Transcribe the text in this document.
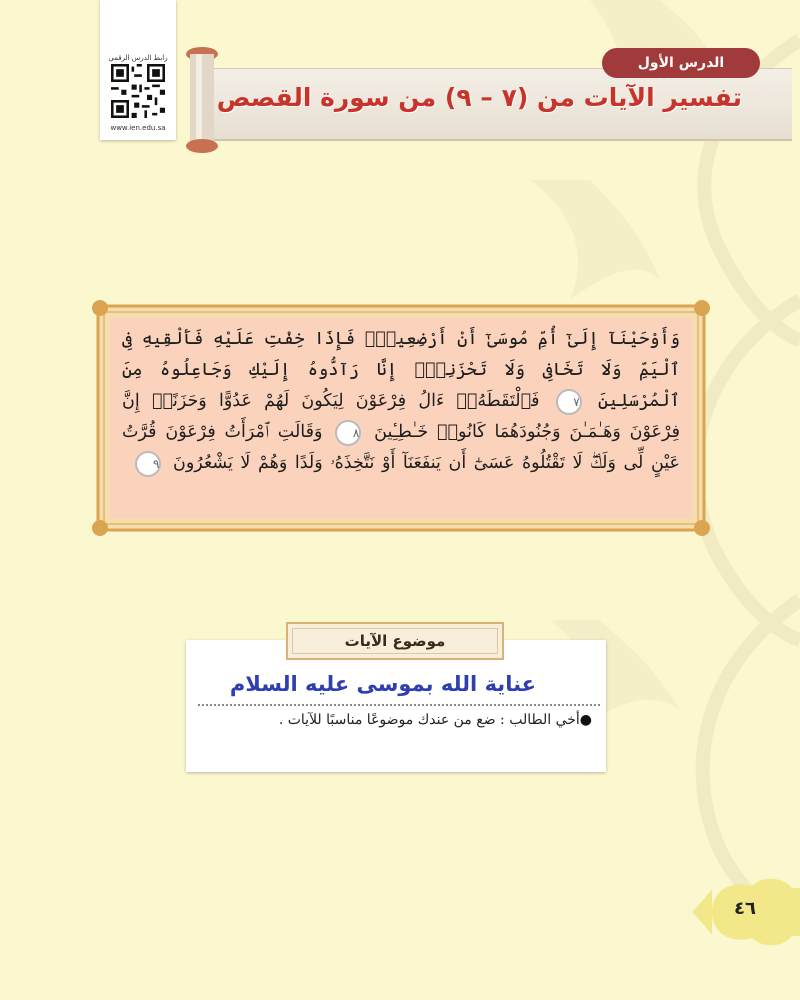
رابط الدرس الرقمي
www.ien.edu.sa
تفسير الآيات من (٧ – ٩) من سورة القصص
الدرس الأول
وَأَوْحَيْنَآ إِلَىٰٓ أُمِّ مُوسَىٰٓ أَنْ أَرْضِعِيهِۖ فَإِذَا خِفْتِ عَلَيْهِ فَأَلْقِيهِ فِى ٱلْيَمِّ وَلَا تَخَافِى وَلَا تَحْزَنِىٓۖ إِنَّا رَآدُّوهُ إِلَيْكِ وَجَاعِلُوهُ مِنَ ٱلْمُرْسَلِينَ ٧ فَٱلْتَقَطَهُۥٓ ءَالُ فِرْعَوْنَ لِيَكُونَ لَهُمْ عَدُوًّا وَحَزَنًاۗ إِنَّ فِرْعَوْنَ وَهَـٰمَـٰنَ وَجُنُودَهُمَا كَانُوا۟ خَـٰطِـِٔينَ ٨ وَقَالَتِ ٱمْرَأَتُ فِرْعَوْنَ قُرَّتُ عَيْنٍ لِّى وَلَكَۖ لَا تَقْتُلُوهُ عَسَىٰٓ أَن يَنفَعَنَآ أَوْ نَتَّخِذَهُۥ وَلَدًا وَهُمْ لَا يَشْعُرُونَ ٩
عناية الله بموسى عليه السلام
●أخي الطالب : ضع من عندك موضوعًا مناسبًا للآيات .
موضوع الآيات
٤٦
